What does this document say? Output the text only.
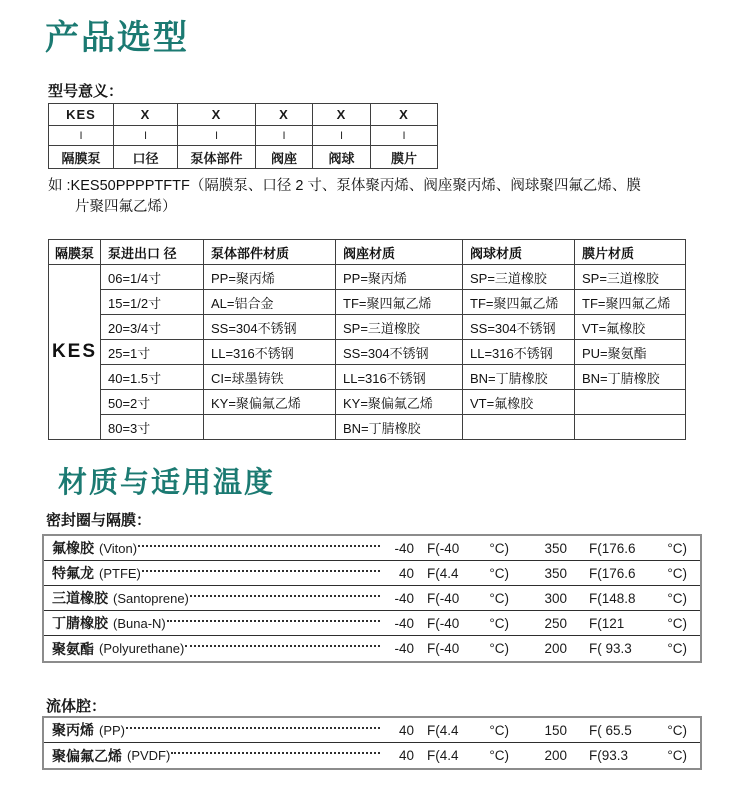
产品选型
型号意义：
KES	X	X	X	X	X
I	I	I	I	I	I
隔膜泵	口径	泵体部件	阀座	阀球	膜片
如 :KES50PPPPTFTF（隔膜泵、口径 2 寸、泵体聚丙烯、阀座聚丙烯、阀球聚四氟乙烯、膜
片聚四氟乙烯）
隔膜泵	泵进出口 径	泵体部件材质	阀座材质	阀球材质	膜片材质
KES	06=1/4寸	PP=聚丙烯	PP=聚丙烯	SP=三道橡胶	SP=三道橡胶
	15=1/2寸	AL=铝合金	TF=聚四氟乙烯	TF=聚四氟乙烯	TF=聚四氟乙烯
	20=3/4寸	SS=304不锈钢	SP=三道橡胶	SS=304不锈钢	VT=氟橡胶
	25=1寸	LL=316不锈钢	SS=304不锈钢	LL=316不锈钢	PU=聚氨酯
	40=1.5寸	CI=球墨铸铁	LL=316不锈钢	BN=丁腈橡胶	BN=丁腈橡胶
	50=2寸	KY=聚偏氟乙烯	KY=聚偏氟乙烯	VT=氟橡胶	
	80=3寸		BN=丁腈橡胶		
材质与适用温度
密封圈与隔膜：
氟橡胶 (Viton)	-40 F(-40 °C)	350 F(176.6 °C)
特氟龙 (PTFE)	40 F(4.4 °C)	350 F(176.6 °C)
三道橡胶 (Santoprene)	-40 F(-40 °C)	300 F(148.8 °C)
丁腈橡胶 (Buna-N)	-40 F(-40 °C)	250 F(121	°C)
聚氨酯 (Polyurethane)	-40 F(-40 °C)	200 F( 93.3	°C)
流体腔：
聚丙烯 (PP)	40 F(4.4 °C)	150 F( 65.5	°C)
聚偏氟乙烯 (PVDF)	40 F(4.4 °C)	200 F(93.3	°C)
